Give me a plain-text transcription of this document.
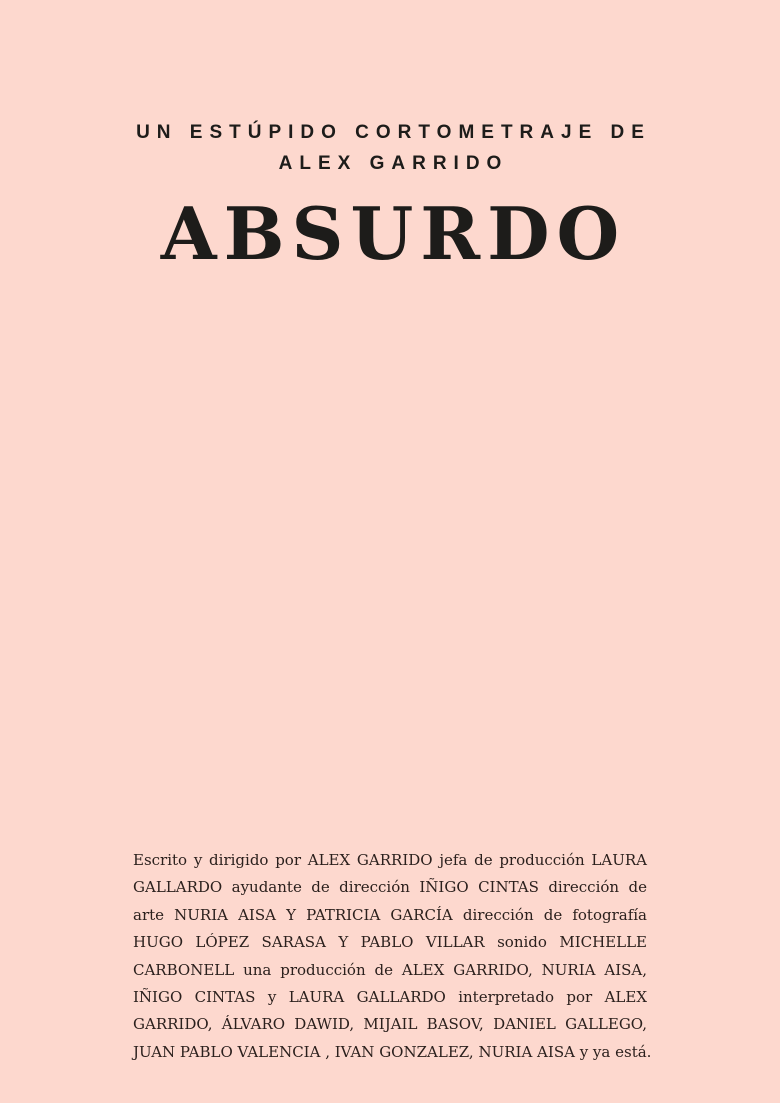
UN ESTÚPIDO CORTOMETRAJE DE
ALEX GARRIDO
ABSURDO
Escrito y dirigido por ALEX GARRIDO jefa de producción LAURA
GALLARDO ayudante de dirección IÑIGO CINTAS dirección de
arte NURIA AISA Y PATRICIA GARCÍA dirección de fotografía
HUGO LÓPEZ SARASA Y PABLO VILLAR sonido MICHELLE
CARBONELL una producción de ALEX GARRIDO, NURIA AISA,
IÑIGO CINTAS y LAURA GALLARDO interpretado por ALEX
GARRIDO, ÁLVARO DAWID, MIJAIL BASOV, DANIEL GALLEGO,
JUAN PABLO VALENCIA , IVAN GONZALEZ, NURIA AISA y ya está.
